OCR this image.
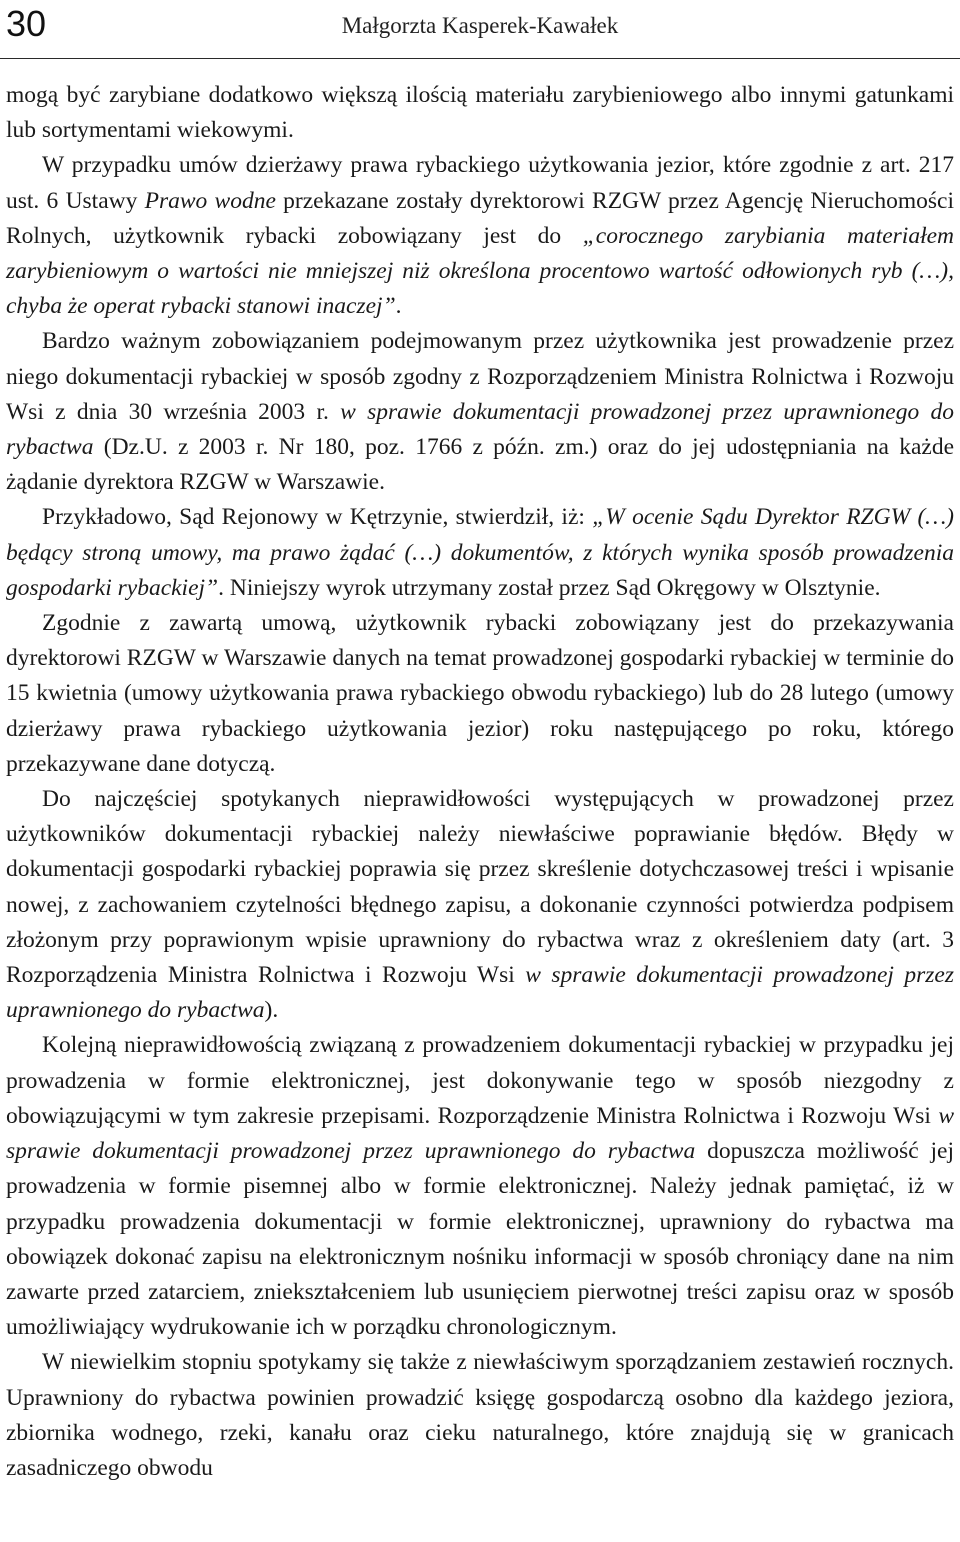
30	Małgorzta Kasperek-Kawałek

mogą być zarybiane dodatkowo większą ilością materiału zarybieniowego albo innymi gatunkami lub sortymentami wiekowymi.

W przypadku umów dzierżawy prawa rybackiego użytkowania jezior, które zgodnie z art. 217 ust. 6 Ustawy Prawo wodne przekazane zostały dyrektorowi RZGW przez Agencję Nieruchomości Rolnych, użytkownik rybacki zobowiązany jest do „corocznego zarybiania materiałem zarybieniowym o wartości nie mniejszej niż określona procentowo wartość odłowionych ryb (…), chyba że operat rybacki stanowi inaczej”.

Bardzo ważnym zobowiązaniem podejmowanym przez użytkownika jest prowadzenie przez niego dokumentacji rybackiej w sposób zgodny z Rozporządzeniem Ministra Rolnictwa i Rozwoju Wsi z dnia 30 września 2003 r. w sprawie dokumentacji prowadzonej przez uprawnionego do rybactwa (Dz.U. z 2003 r. Nr 180, poz. 1766 z późn. zm.) oraz do jej udostępniania na każde żądanie dyrektora RZGW w Warszawie.

Przykładowo, Sąd Rejonowy w Kętrzynie, stwierdził, iż: „W ocenie Sądu Dyrektor RZGW (…) będący stroną umowy, ma prawo żądać (…) dokumentów, z których wynika sposób prowadzenia gospodarki rybackiej”. Niniejszy wyrok utrzymany został przez Sąd Okręgowy w Olsztynie.

Zgodnie z zawartą umową, użytkownik rybacki zobowiązany jest do przekazywania dyrektorowi RZGW w Warszawie danych na temat prowadzonej gospodarki rybackiej w terminie do 15 kwietnia (umowy użytkowania prawa rybackiego obwodu rybackiego) lub do 28 lutego (umowy dzierżawy prawa rybackiego użytkowania jezior) roku następującego po roku, którego przekazywane dane dotyczą.

Do najczęściej spotykanych nieprawidłowości występujących w prowadzonej przez użytkowników dokumentacji rybackiej należy niewłaściwe poprawianie błędów. Błędy w dokumentacji gospodarki rybackiej poprawia się przez skreślenie dotychczasowej treści i wpisanie nowej, z zachowaniem czytelności błędnego zapisu, a dokonanie czynności potwierdza podpisem złożonym przy poprawionym wpisie uprawniony do rybactwa wraz z określeniem daty (art. 3 Rozporządzenia Ministra Rolnictwa i Rozwoju Wsi w sprawie dokumentacji prowadzonej przez uprawnionego do rybactwa).

Kolejną nieprawidłowością związaną z prowadzeniem dokumentacji rybackiej w przypadku jej prowadzenia w formie elektronicznej, jest dokonywanie tego w sposób niezgodny z obowiązującymi w tym zakresie przepisami. Rozporządzenie Ministra Rolnictwa i Rozwoju Wsi w sprawie dokumentacji prowadzonej przez uprawnionego do rybactwa dopuszcza możliwość jej prowadzenia w formie pisemnej albo w formie elektronicznej. Należy jednak pamiętać, iż w przypadku prowadzenia dokumentacji w formie elektronicznej, uprawniony do rybactwa ma obowiązek dokonać zapisu na elektronicznym nośniku informacji w sposób chroniący dane na nim zawarte przed zatarciem, zniekształceniem lub usunięciem pierwotnej treści zapisu oraz w sposób umożliwiający wydrukowanie ich w porządku chronologicznym.

W niewielkim stopniu spotykamy się także z niewłaściwym sporządzaniem zestawień rocznych. Uprawniony do rybactwa powinien prowadzić księgę gospodarczą osobno dla każdego jeziora, zbiornika wodnego, rzeki, kanału oraz cieku naturalnego, które znajdują się w granicach zasadniczego obwodu
